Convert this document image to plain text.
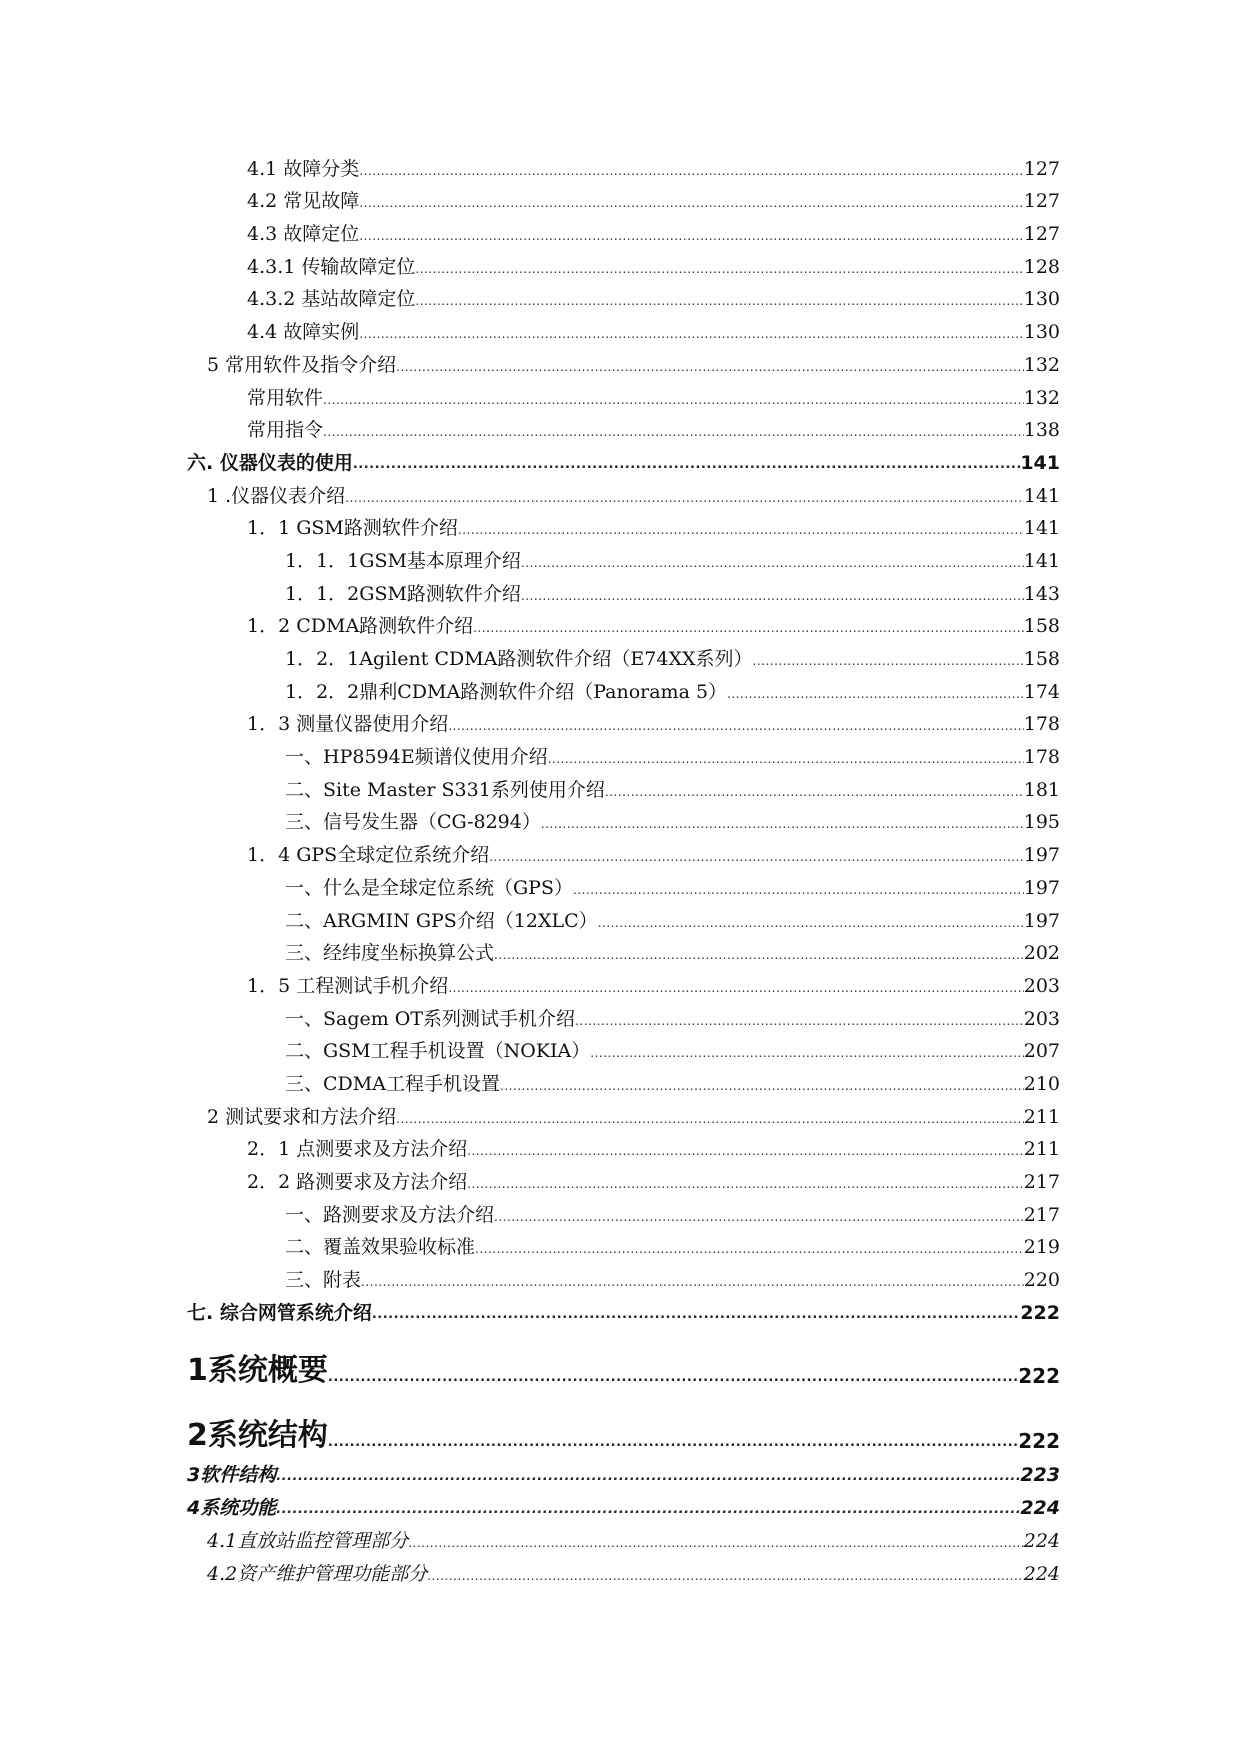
4.1 故障分类 .....	127
4.2 常见故障 .....	127
4.3 故障定位 .....	127
4.3.1 传输故障定位 .....	128
4.3.2 基站故障定位 .....	130
4.4 故障实例 .....	130
5 常用软件及指令介绍 .....	132
常用软件 .....	132
常用指令 .....	138
六. 仪器仪表的使用 .....	141
1 .仪器仪表介绍 .....	141
1．1 GSM路测软件介绍 .....	141
1．1．1GSM基本原理介绍 .....	141
1．1．2GSM路测软件介绍 .....	143
1．2 CDMA路测软件介绍 .....	158
1．2．1Agilent CDMA路测软件介绍（E74XX系列） .....	158
1．2．2鼎利CDMA路测软件介绍（Panorama 5） .....	174
1．3 测量仪器使用介绍 .....	178
一、HP8594E频谱仪使用介绍 .....	178
二、Site Master S331系列使用介绍 .....	181
三、信号发生器（CG-8294） .....	195
1．4 GPS全球定位系统介绍 .....	197
一、什么是全球定位系统（GPS） .....	197
二、ARGMIN GPS介绍（12XLC） .....	197
三、经纬度坐标换算公式 .....	202
1．5 工程测试手机介绍 .....	203
一、Sagem OT系列测试手机介绍 .....	203
二、GSM工程手机设置（NOKIA） .....	207
三、CDMA工程手机设置 .....	210
2 测试要求和方法介绍 .....	211
2．1 点测要求及方法介绍 .....	211
2．2 路测要求及方法介绍 .....	217
一、路测要求及方法介绍 .....	217
二、覆盖效果验收标准 .....	219
三、附表 .....	220
七. 综合网管系统介绍 .....	222
1系统概要 .....	222
2系统结构 .....	222
3软件结构 .....	223
4系统功能 .....	224
4.1直放站监控管理部分 .....	224
4.2资产维护管理功能部分 .....	224
